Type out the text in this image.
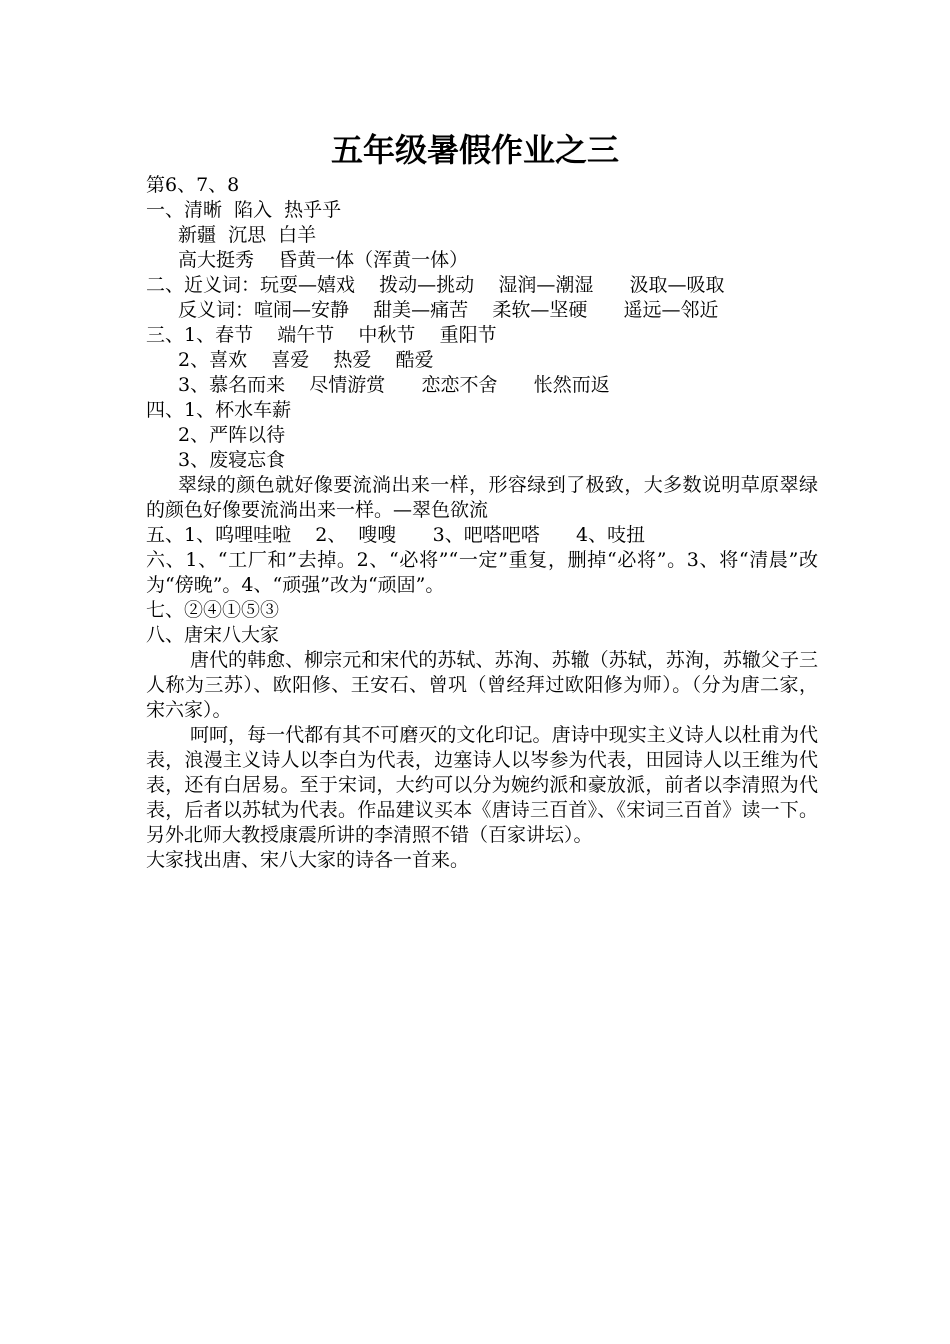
五年级暑假作业之三
第6、7、8
一、清晰  陷入  热乎乎
新疆  沉思  白羊
高大挺秀    昏黄一体（浑黄一体）
二、近义词：玩耍—嬉戏    拨动—挑动    湿润—潮湿      汲取—吸取
反义词：喧闹—安静    甜美—痛苦    柔软—坚硬      遥远—邻近
三、1、春节    端午节    中秋节    重阳节
2、喜欢    喜爱    热爱    酷爱
3、慕名而来    尽情游赏      恋恋不舍      怅然而返
四、1、杯水车薪
2、严阵以待
3、废寝忘食
翠绿的颜色就好像要流淌出来一样，形容绿到了极致，大多数说明草原翠绿的颜色好像要流淌出来一样。—翠色欲流
五、1、呜哩哇啦    2、  嗖嗖      3、吧嗒吧嗒      4、吱扭
六、1、“工厂和”去掉。2、“必将”“一定”重复，删掉“必将”。3、将“清晨”改为“傍晚”。4、“顽强”改为“顽固”。
七、②④①⑤③
八、唐宋八大家
唐代的韩愈、柳宗元和宋代的苏轼、苏洵、苏辙（苏轼，苏洵，苏辙父子三人称为三苏）、欧阳修、王安石、曾巩（曾经拜过欧阳修为师）。（分为唐二家，宋六家）。
呵呵，每一代都有其不可磨灭的文化印记。唐诗中现实主义诗人以杜甫为代表，浪漫主义诗人以李白为代表，边塞诗人以岑参为代表，田园诗人以王维为代表，还有白居易。至于宋词，大约可以分为婉约派和豪放派，前者以李清照为代表，后者以苏轼为代表。作品建议买本《唐诗三百首》、《宋词三百首》读一下。另外北师大教授康震所讲的李清照不错（百家讲坛）。
大家找出唐、宋八大家的诗各一首来。
